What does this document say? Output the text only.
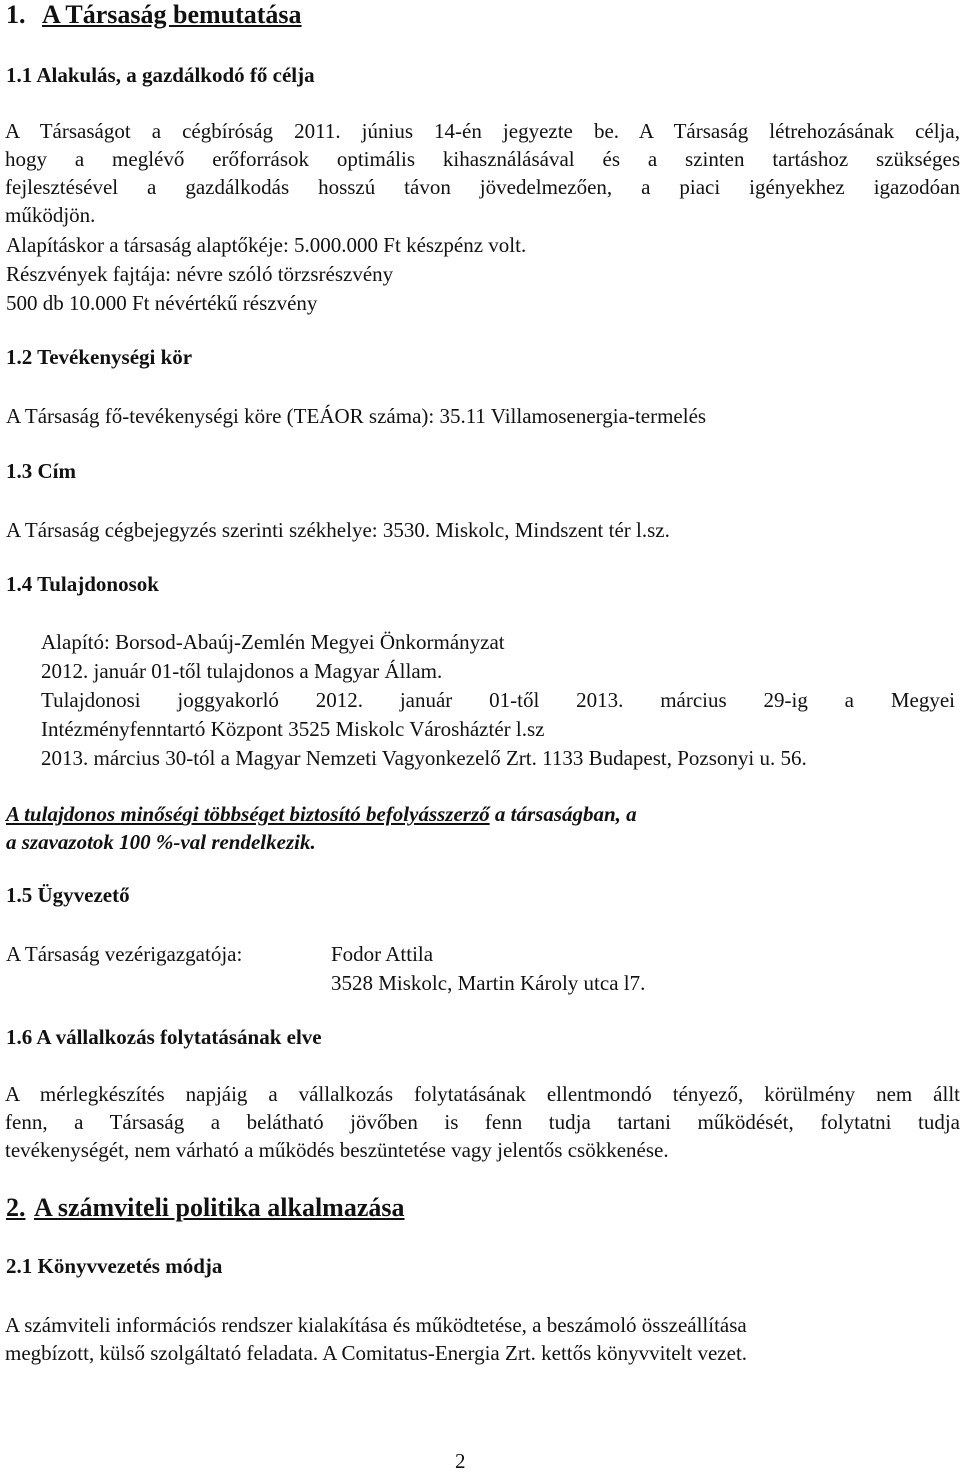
1. A Társaság bemutatása
1.1 Alakulás, a gazdálkodó fő célja
A Társaságot a cégbíróság 2011. június 14-én jegyezte be. A Társaság létrehozásának célja,
hogy a meglévő erőforrások optimális kihasználásával és a szinten tartáshoz szükséges
fejlesztésével a gazdálkodás hosszú távon jövedelmezően, a piaci igényekhez igazodóan
működjön.
Alapításkor a társaság alaptőkéje: 5.000.000 Ft készpénz volt.
Részvények fajtája: névre szóló törzsrészvény
500 db 10.000 Ft névértékű részvény
1.2 Tevékenységi kör
A Társaság fő-tevékenységi köre (TEÁOR száma): 35.11 Villamosenergia-termelés
1.3 Cím
A Társaság cégbejegyzés szerinti székhelye: 3530. Miskolc, Mindszent tér l.sz.
1.4 Tulajdonosok
Alapító: Borsod-Abaúj-Zemlén Megyei Önkormányzat
2012. január 01-től tulajdonos a Magyar Állam.
Tulajdonosi joggyakorló 2012. január 01-től 2013. március 29-ig a Megyei
Intézményfenntartó Központ 3525 Miskolc Városháztér l.sz
2013. március 30-tól a Magyar Nemzeti Vagyonkezelő Zrt. 1133 Budapest, Pozsonyi u. 56.
A tulajdonos minőségi többséget biztosító befolyásszerző a társaságban, a
a szavazotok 100 %-val rendelkezik.
1.5 Ügyvezető
A Társaság vezérigazgatója:	Fodor Attila
3528 Miskolc, Martin Károly utca l7.
1.6 A vállalkozás folytatásának elve
A mérlegkészítés napjáig a vállalkozás folytatásának ellentmondó tényező, körülmény nem állt
fenn, a Társaság a belátható jövőben is fenn tudja tartani működését, folytatni tudja
tevékenységét, nem várható a működés beszüntetése vagy jelentős csökkenése.
2. A számviteli politika alkalmazása
2.1 Könyvvezetés módja
A számviteli információs rendszer kialakítása és működtetése, a beszámoló összeállítása
megbízott, külső szolgáltató feladata. A Comitatus-Energia Zrt. kettős könyvvitelt vezet.
2
